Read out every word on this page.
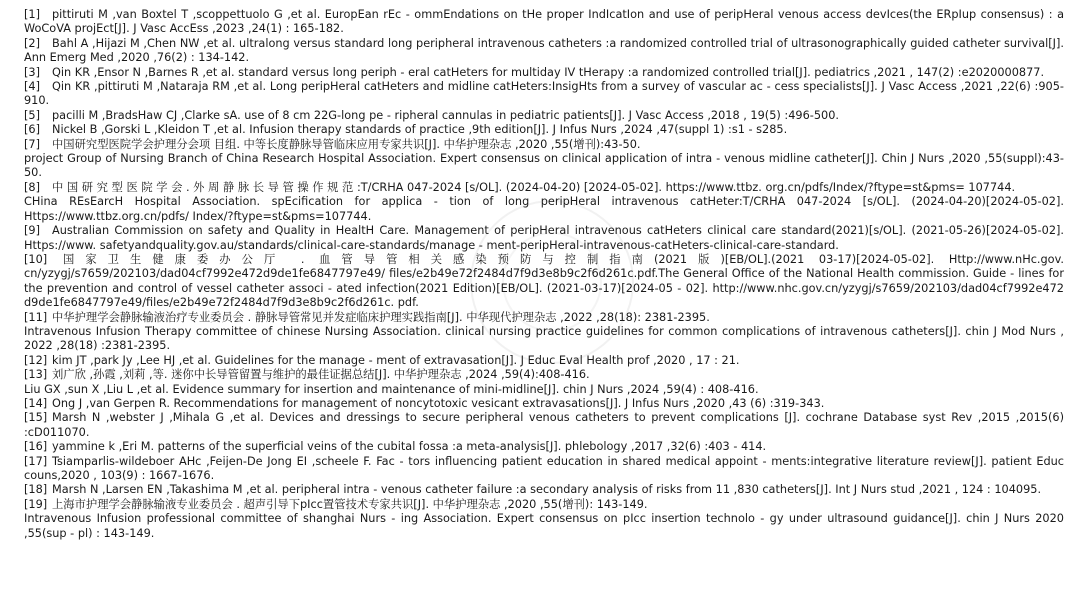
[1] pittiruti M ,van Boxtel T ,scoppettuolo G ,et al. EuropEan rEc - ommEndations on tHe proper IndIcatIon and use of peripHeral venous access devIces(the ERpIup consensus) : a WoCoVA projEct[J]. J Vasc AccEss ,2023 ,24(1) : 165-182.

[2] Bahl A ,Hijazi M ,Chen NW ,et al. ultralong versus standard long peripheral intravenous catheters :a randomized controlled trial of ultrasonographically guided catheter survival[J]. Ann Emerg Med ,2020 ,76(2) : 134-142.

[3] Qin KR ,Ensor N ,Barnes R ,et al. standard versus long periph - eral catHeters for multiday IV tHerapy :a randomized controlled trial[J]. pediatrics ,2021 , 147(2) :e2020000877.

[4] Qin KR ,pittiruti M ,Nataraja RM ,et al. Long peripHeral catHeters and midline catHeters:InsigHts from a survey of vascular ac - cess specialists[J]. J Vasc Access ,2021 ,22(6) :905-910.

[5] pacilli M ,BradsHaw CJ ,Clarke sA. use of 8 cm 22G-long pe - ripheral cannulas in pediatric patients[J]. J Vasc Access ,2018 , 19(5) :496-500.

[6] Nickel B ,Gorski L ,Kleidon T ,et al. Infusion therapy standards of practice ,9th edition[J]. J Infus Nurs ,2024 ,47(suppl 1) :s1 - s285.

[7] 中国研究型医院学会护理分会项 目组. 中等长度静脉导管临床应用专家共识[J]. 中华护理杂志 ,2020 ,55(增刊):43-50.
project Group of Nursing Branch of China Research Hospital Association. Expert consensus on clinical application of intra - venous midline catheter[J]. Chin J Nurs ,2020 ,55(suppl):43-50.

[8] 中 国 研 究 型 医 院 学 会 . 外 周 静 脉 长 导 管 操 作 规 范 :T/CRHA 047-2024 [s/OL]. (2024-04-20) [2024-05-02]. https://www.ttbz. org.cn/pdfs/Index/?ftype=st&pms= 107744.
CHina REsEarcH Hospital Association. spEcification for applica - tion of long peripHeral intravenous catHeter:T/CRHA 047-2024 [s/OL]. (2024-04-20)[2024-05-02]. Https://www.ttbz.org.cn/pdfs/ Index/?ftype=st&pms=107744.

[9] Australian Commission on safety and Quality in HealtH Care. Management of peripHeral intravenous catHeters clinical care standard(2021)[s/OL]. (2021-05-26)[2024-05-02]. Https://www. safetyandquality.gov.au/standards/clinical-care-standards/manage - ment-peripHeral-intravenous-catHeters-clinical-care-standard.

[10] 国家卫生健康委办公厅 . 血管导管相关感染预防与控制指南(2021版)[EB/OL].(2021 03-17)[2024-05-02]. Http://www.nHc.gov. cn/yzygj/s7659/202103/dad04cf7992e472d9de1fe6847797e49/ files/e2b49e72f2484d7f9d3e8b9c2f6d261c.pdf.The General Office of the National Health commission. Guide - lines for the prevention and control of vessel catheter associ - ated infection(2021 Edition)[EB/OL]. (2021-03-17)[2024-05 - 02]. http://www.nhc.gov.cn/yzygj/s7659/202103/dad04cf7992e472 d9de1fe6847797e49/files/e2b49e72f2484d7f9d3e8b9c2f6d261c. pdf.

[11] 中华护理学会静脉输液治疗专业委员会 . 静脉导管常见并发症临床护理实践指南[J]. 中华现代护理杂志 ,2022 ,28(18): 2381-2395.
Intravenous Infusion Therapy committee of chinese Nursing Association. clinical nursing practice guidelines for common complications of intravenous catheters[J]. chin J Mod Nurs , 2022 ,28(18) :2381-2395.

[12] kim JT ,park Jy ,Lee HJ ,et al. Guidelines for the manage - ment of extravasation[J]. J Educ Eval Health prof ,2020 , 17 : 21.

[13] 刘广欣 ,孙霞 ,刘莉 ,等. 迷你中长导管留置与维护的最佳证据总结[J]. 中华护理杂志 ,2024 ,59(4):408-416.
Liu GX ,sun X ,Liu L ,et al. Evidence summary for insertion and maintenance of mini-midline[J]. chin J Nurs ,2024 ,59(4) : 408-416.

[14] Ong J ,van Gerpen R. Recommendations for management of noncytotoxic vesicant extravasations[J]. J Infus Nurs ,2020 ,43 (6) :319-343.

[15] Marsh N ,webster J ,Mihala G ,et al. Devices and dressings to secure peripheral venous catheters to prevent complications [J]. cochrane Database syst Rev ,2015 ,2015(6) :cD011070.

[16] yammine k ,Eri M. patterns of the superficial veins of the cubital fossa :a meta-analysis[J]. phlebology ,2017 ,32(6) :403 - 414.

[17] Tsiamparlis-wildeboer AHc ,Feijen-De Jong EI ,scheele F. Fac - tors influencing patient education in shared medical appoint - ments:integrative literature review[J]. patient Educ couns,2020 , 103(9) : 1667-1676.

[18] Marsh N ,Larsen EN ,Takashima M ,et al. peripheral intra - venous catheter failure :a secondary analysis of risks from 11 ,830 catheters[J]. Int J Nurs stud ,2021 , 124 : 104095.

[19] 上海市护理学会静脉输液专业委员会 . 超声引导下pIcc置管技术专家共识[J]. 中华护理杂志 ,2020 ,55(增刊): 143-149.
Intravenous Infusion professional committee of shanghai Nurs - ing Association. Expert consensus on pIcc insertion technolo - gy under ultrasound guidance[J]. chin J Nurs 2020 ,55(sup - pl) : 143-149.
